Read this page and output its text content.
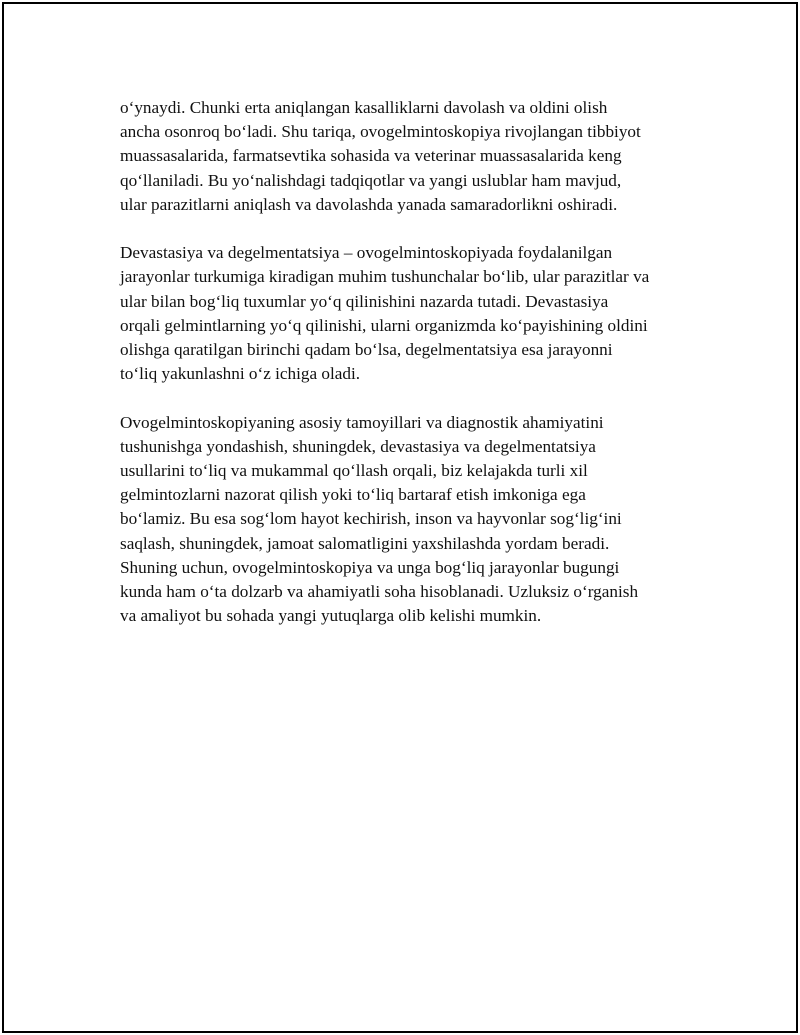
o‘ynaydi. Chunki erta aniqlangan kasalliklarni davolash va oldini olish
ancha osonroq bo‘ladi. Shu tariqa, ovogelmintoskopiya rivojlangan tibbiyot
muassasalarida, farmatsevtika sohasida va veterinar muassasalarida keng
qo‘llaniladi. Bu yo‘nalishdagi tadqiqotlar va yangi uslublar ham mavjud,
ular parazitlarni aniqlash va davolashda yanada samaradorlikni oshiradi.

Devastasiya va degelmentatsiya – ovogelmintoskopiyada foydalanilgan
jarayonlar turkumiga kiradigan muhim tushunchalar bo‘lib, ular parazitlar va
ular bilan bog‘liq tuxumlar yo‘q qilinishini nazarda tutadi. Devastasiya
orqali gelmintlarning yo‘q qilinishi, ularni organizmda ko‘payishining oldini
olishga qaratilgan birinchi qadam bo‘lsa, degelmentatsiya esa jarayonni
to‘liq yakunlashni o‘z ichiga oladi.

Ovogelmintoskopiyaning asosiy tamoyillari va diagnostik ahamiyatini
tushunishga yondashish, shuningdek, devastasiya va degelmentatsiya
usullarini to‘liq va mukammal qo‘llash orqali, biz kelajakda turli xil
gelmintozlarni nazorat qilish yoki to‘liq bartaraf etish imkoniga ega
bo‘lamiz. Bu esa sog‘lom hayot kechirish, inson va hayvonlar sog‘lig‘ini
saqlash, shuningdek, jamoat salomatligini yaxshilashda yordam beradi.
Shuning uchun, ovogelmintoskopiya va unga bog‘liq jarayonlar bugungi
kunda ham o‘ta dolzarb va ahamiyatli soha hisoblanadi. Uzluksiz o‘rganish
va amaliyot bu sohada yangi yutuqlarga olib kelishi mumkin.
